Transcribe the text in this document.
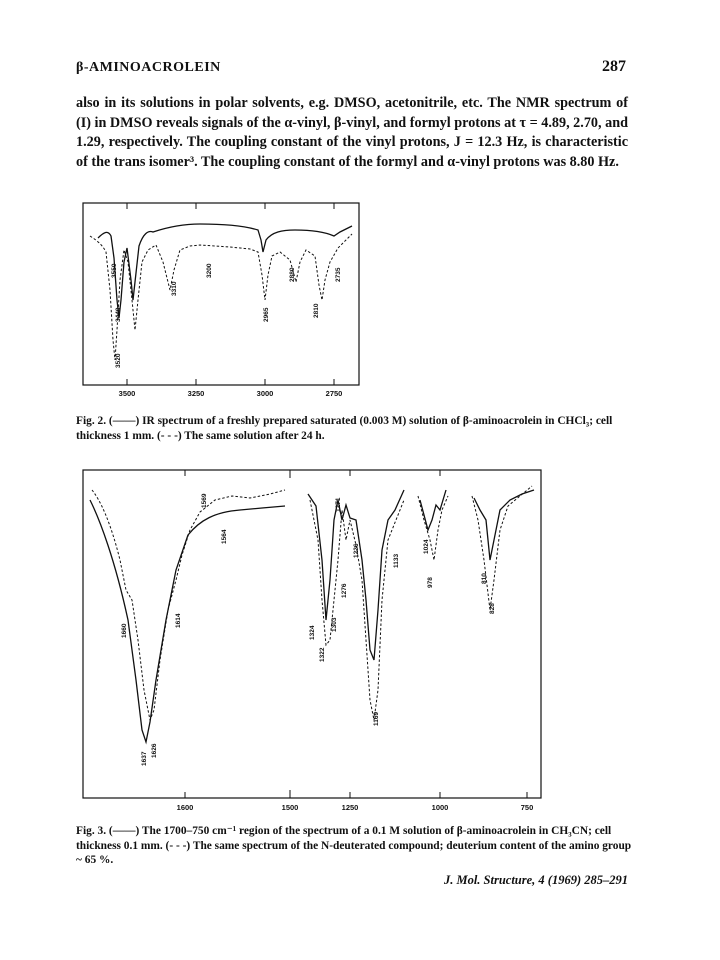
β-AMINOACROLEIN	287

also in its solutions in polar solvents, e.g. DMSO, acetonitrile, etc. The NMR spectrum of (I) in DMSO reveals signals of the α-vinyl, β-vinyl, and formyl protons at τ = 4.89, 2.70, and 1.29, respectively. The coupling constant of the vinyl protons, J = 12.3 Hz, is characteristic of the trans isomer³. The coupling constant of the formyl and α-vinyl protons was 8.80 Hz.

3500	3250	3000	2750
3550
3440
3520
3310
3200
2965
2880
2810
2735
1600	1500	1250	1000	750
1569
1564
1660
1614
1637
1626
1324
1322
1303
1276
1271
1226
1133
1169
1024
978	810
828
Fig. 2. (——) IR spectrum of a freshly prepared saturated (0.003 M) solution of β-aminoacrolein in CHCl₃; cell thickness 1 mm. (- - -) The same solution after 24 h.
Fig. 3. (——) The 1700–750 cm⁻¹ region of the spectrum of a 0.1 M solution of β-aminoacrolein in CH₃CN; cell thickness 0.1 mm. (- - -) The same spectrum of the N-deuterated compound; deuterium content of the amino group ~ 65 %.
J. Mol. Structure, 4 (1969) 285–291
